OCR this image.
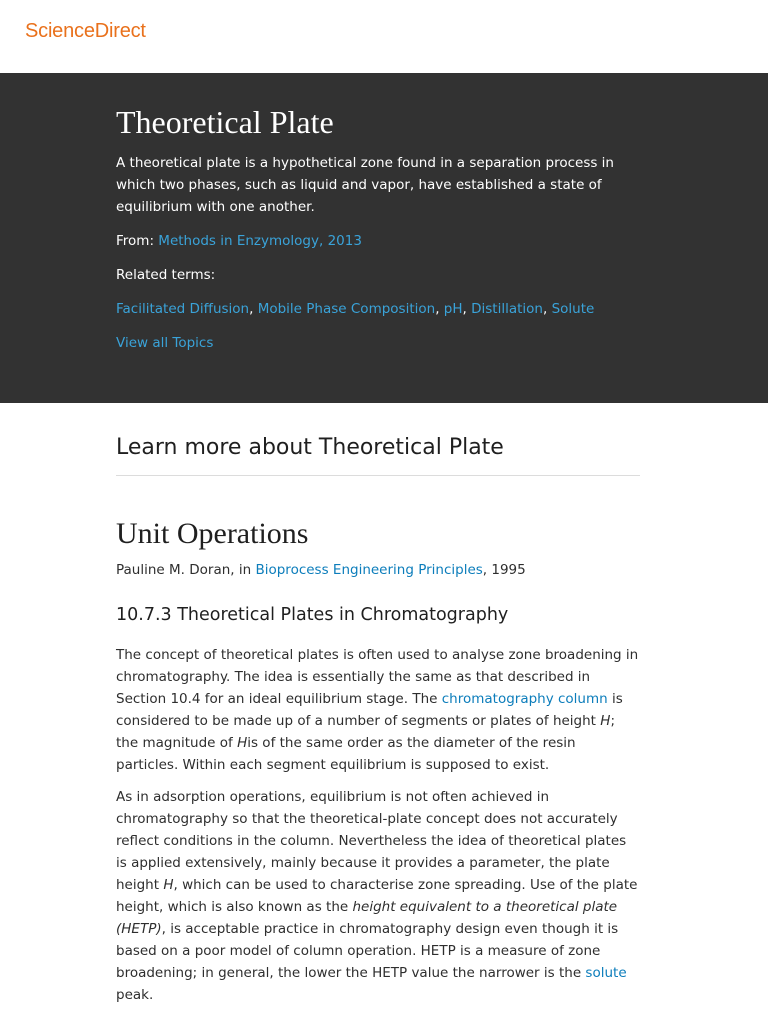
ScienceDirect
Theoretical Plate

A theoretical plate is a hypothetical zone found in a separation process in which two phases, such as liquid and vapor, have established a state of equilibrium with one another.

From: Methods in Enzymology, 2013

Related terms:

Facilitated Diffusion, Mobile Phase Composition, pH, Distillation, Solute

View all Topics

Learn more about Theoretical Plate
Unit Operations

Pauline M. Doran, in Bioprocess Engineering Principles, 1995

10.7.3 Theoretical Plates in Chromatography

The concept of theoretical plates is often used to analyse zone broadening in chromatography. The idea is essentially the same as that described in Section 10.4 for an ideal equilibrium stage. The chromatography column is considered to be made up of a number of segments or plates of height H; the magnitude of His of the same order as the diameter of the resin particles. Within each segment equilibrium is supposed to exist.

As in adsorption operations, equilibrium is not often achieved in chromatography so that the theoretical-plate concept does not accurately reflect conditions in the column. Nevertheless the idea of theoretical plates is applied extensively, mainly because it provides a parameter, the plate height H, which can be used to characterise zone spreading. Use of the plate height, which is also known as the height equivalent to a theoretical plate (HETP), is acceptable practice in chromatography design even though it is based on a poor model of column operation. HETP is a measure of zone broadening; in general, the lower the HETP value the narrower is the solute peak.
